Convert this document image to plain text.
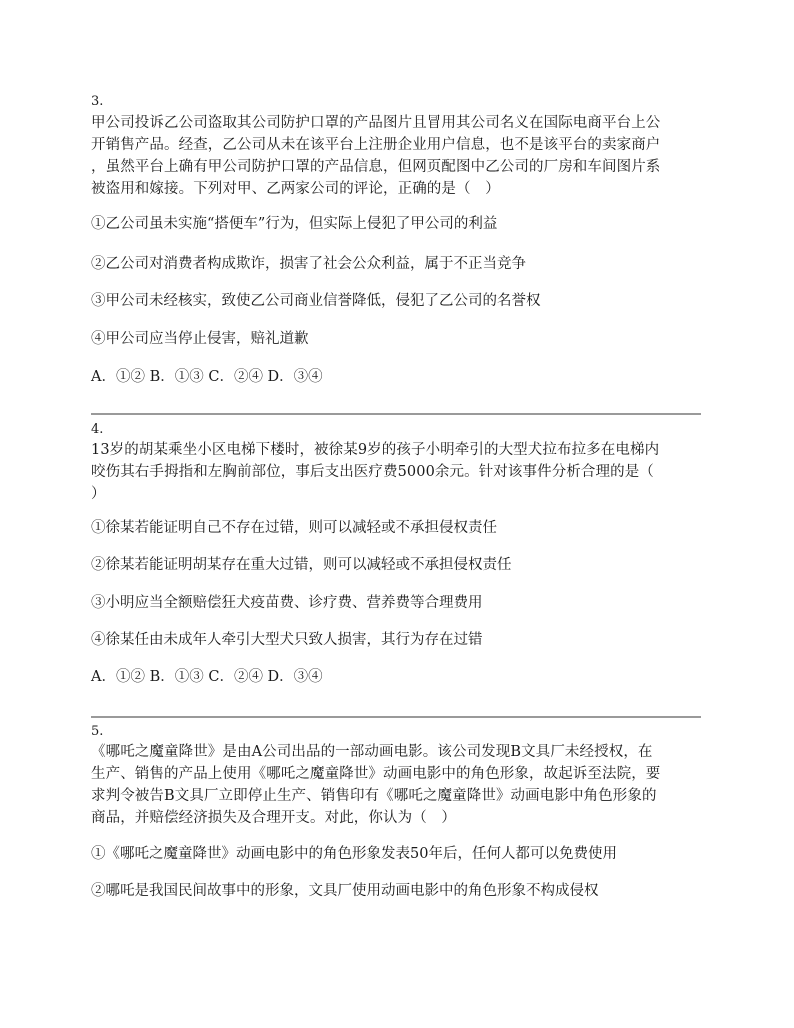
3.

甲公司投诉乙公司盗取其公司防护口罩的产品图片且冒用其公司名义在国际电商平台上公

开销售产品。经查，乙公司从未在该平台上注册企业用户信息，也不是该平台的卖家商户

，虽然平台上确有甲公司防护口罩的产品信息，但网页配图中乙公司的厂房和车间图片系

被盗用和嫁接。下列对甲、乙两家公司的评论，正确的是（　）

①乙公司虽未实施“搭便车”行为，但实际上侵犯了甲公司的利益

②乙公司对消费者构成欺诈，损害了社会公众利益，属于不正当竞争

③甲公司未经核实，致使乙公司商业信誉降低，侵犯了乙公司的名誉权

④甲公司应当停止侵害，赔礼道歉

A．①② B．①③ C．②④ D．③④

4.

13岁的胡某乘坐小区电梯下楼时，被徐某9岁的孩子小明牵引的大型犬拉布拉多在电梯内

咬伤其右手拇指和左胸前部位，事后支出医疗费5000余元。针对该事件分析合理的是（

）

①徐某若能证明自己不存在过错，则可以减轻或不承担侵权责任

②徐某若能证明胡某存在重大过错，则可以减轻或不承担侵权责任

③小明应当全额赔偿狂犬疫苗费、诊疗费、营养费等合理费用

④徐某任由未成年人牵引大型犬只致人损害，其行为存在过错

A．①② B．①③ C．②④ D．③④

5.

《哪吒之魔童降世》是由A公司出品的一部动画电影。该公司发现B文具厂未经授权，在

生产、销售的产品上使用《哪吒之魔童降世》动画电影中的角色形象，故起诉至法院，要

求判令被告B文具厂立即停止生产、销售印有《哪吒之魔童降世》动画电影中角色形象的

商品，并赔偿经济损失及合理开支。对此，你认为（　）

①《哪吒之魔童降世》动画电影中的角色形象发表50年后，任何人都可以免费使用

②哪吒是我国民间故事中的形象，文具厂使用动画电影中的角色形象不构成侵权
